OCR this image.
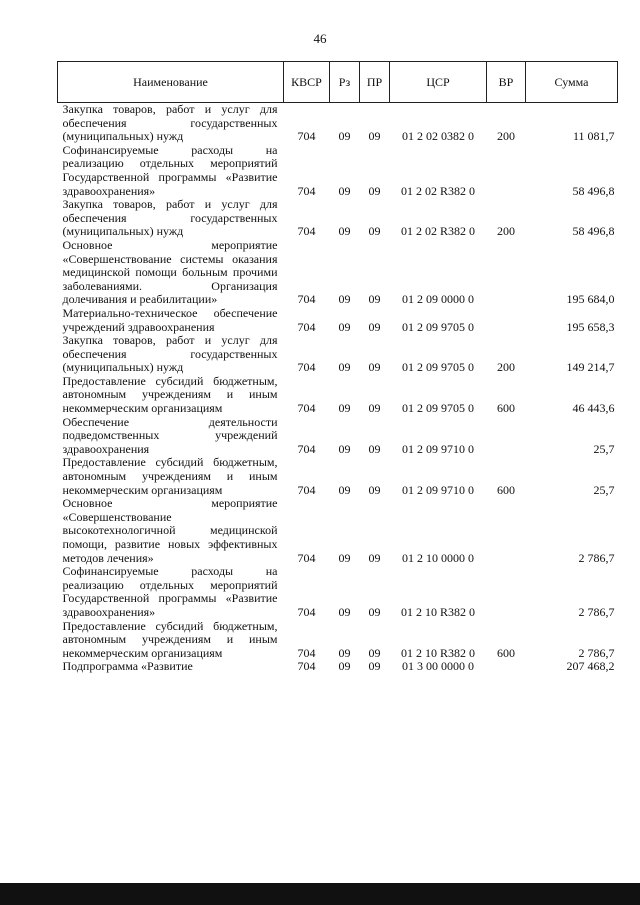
46
Наименование	КВСР	Рз	ПР	ЦСР	ВР	Сумма
Закупка товаров, работ и услуг для обеспечения государственных (муниципальных) нужд	704	09	09	01 2 02 0382 0	200	11 081,7
Софинансируемые расходы на реализацию отдельных мероприятий Государственной программы «Развитие здравоохранения»	704	09	09	01 2 02 R382 0		58 496,8
Закупка товаров, работ и услуг для обеспечения государственных (муниципальных) нужд	704	09	09	01 2 02 R382 0	200	58 496,8
Основное мероприятие «Совершенствование системы оказания медицинской помощи больным прочими заболеваниями. Организация долечивания и реабилитации»	704	09	09	01 2 09 0000 0		195 684,0
Материально-техническое обеспечение учреждений здравоохранения	704	09	09	01 2 09 9705 0		195 658,3
Закупка товаров, работ и услуг для обеспечения государственных (муниципальных) нужд	704	09	09	01 2 09 9705 0	200	149 214,7
Предоставление субсидий бюджетным, автономным учреждениям и иным некоммерческим организациям	704	09	09	01 2 09 9705 0	600	46 443,6
Обеспечение деятельности подведомственных учреждений здравоохранения	704	09	09	01 2 09 9710 0		25,7
Предоставление субсидий бюджетным, автономным учреждениям и иным некоммерческим организациям	704	09	09	01 2 09 9710 0	600	25,7
Основное мероприятие «Совершенствование высокотехнологичной медицинской помощи, развитие новых эффективных методов лечения»	704	09	09	01 2 10 0000 0		2 786,7
Софинансируемые расходы на реализацию отдельных мероприятий Государственной программы «Развитие здравоохранения»	704	09	09	01 2 10 R382 0		2 786,7
Предоставление субсидий бюджетным, автономным учреждениям и иным некоммерческим организациям	704	09	09	01 2 10 R382 0	600	2 786,7
Подпрограмма «Развитие	704	09	09	01 3 00 0000 0		207 468,2
